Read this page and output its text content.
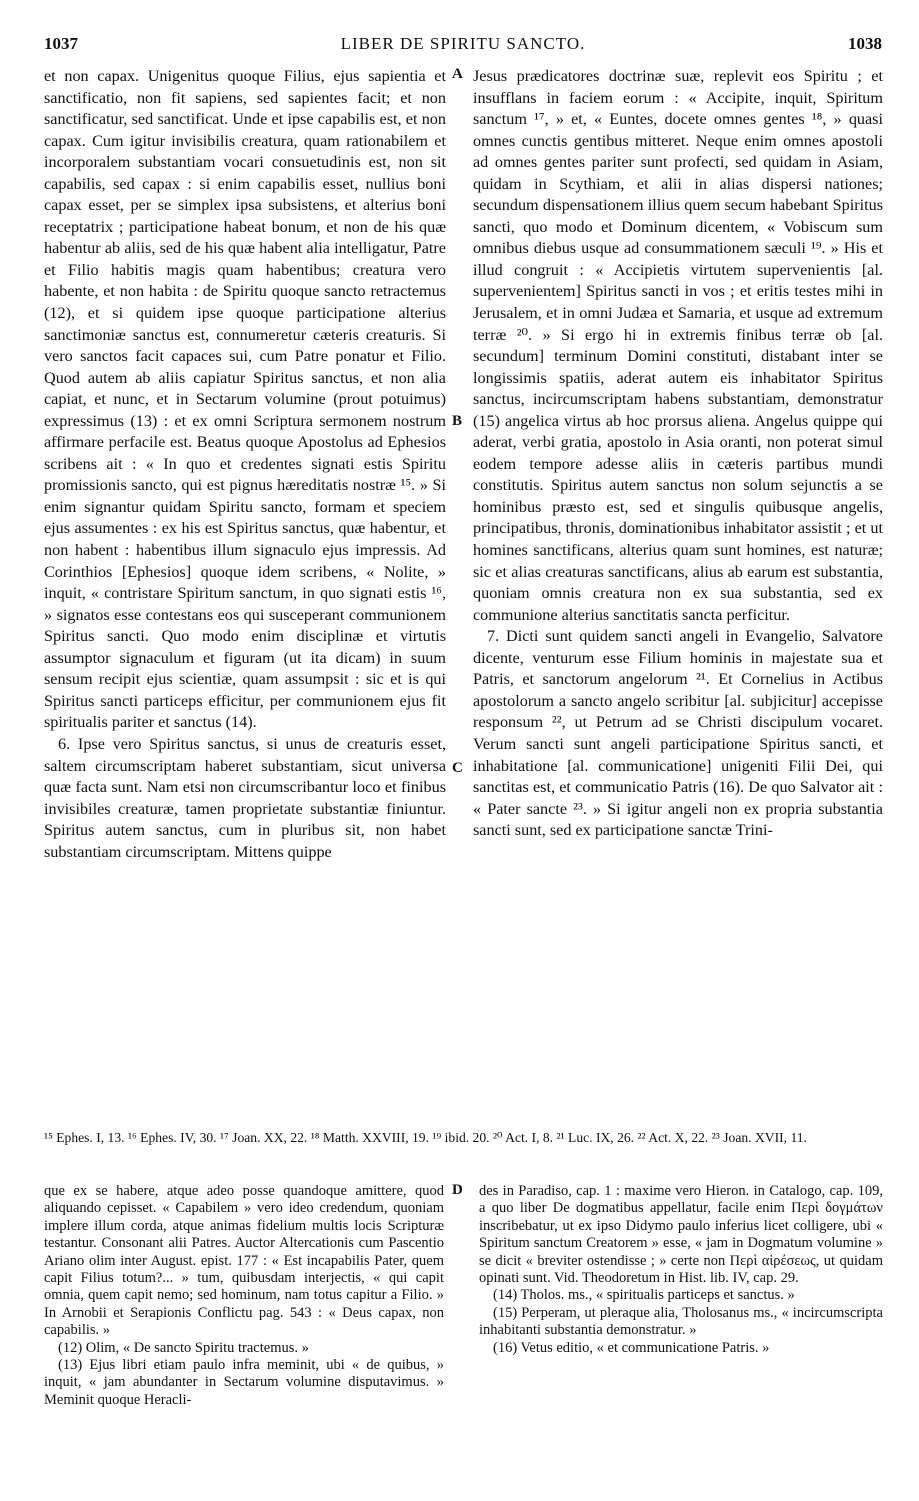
1037	LIBER DE SPIRITU SANCTO.	1038

et non capax. Unigenitus quoque Filius, ejus sapientia et sanctificatio, non fit sapiens, sed sapientes facit; et non sanctificatur, sed sanctificat. Unde et ipse capabilis est, et non capax. Cum igitur invisibilis creatura, quam rationabilem et incorporalem substantiam vocari consuetudinis est, non sit capabilis, sed capax : si enim capabilis esset, nullius boni capax esset, per se simplex ipsa subsistens, et alterius boni receptatrix ; participatione habeat bonum, et non de his quæ habentur ab aliis, sed de his quæ habent alia intelligatur, Patre et Filio habitis magis quam habentibus; creatura vero habente, et non habita : de Spiritu quoque sancto retractemus (12), et si quidem ipse quoque participatione alterius sanctimoniæ sanctus est, connumeretur cæteris creaturis. Si vero sanctos facit capaces sui, cum Patre ponatur et Filio. Quod autem ab aliis capiatur Spiritus sanctus, et non alia capiat, et nunc, et in Sectarum volumine (prout potuimus) expressimus (13) : et ex omni Scriptura sermonem nostrum affirmare perfacile est. Beatus quoque Apostolus ad Ephesios scribens ait : « In quo et credentes signati estis Spiritu promissionis sancto, qui est pignus hæreditatis nostræ ¹⁵. » Si enim signantur quidam Spiritu sancto, formam et speciem ejus assumentes : ex his est Spiritus sanctus, quæ habentur, et non habent : habentibus illum signaculo ejus impressis. Ad Corinthios [Ephesios] quoque idem scribens, « Nolite, » inquit, « contristare Spiritum sanctum, in quo signati estis ¹⁶, » signatos esse contestans eos qui susceperant communionem Spiritus sancti. Quo modo enim disciplinæ et virtutis assumptor signaculum et figuram (ut ita dicam) in suum sensum recipit ejus scientiæ, quam assumpsit : sic et is qui Spiritus sancti particeps efficitur, per communionem ejus fit spiritualis pariter et sanctus (14).

6. Ipse vero Spiritus sanctus, si unus de creaturis esset, saltem circumscriptam haberet substantiam, sicut universa quæ facta sunt. Nam etsi non circumscribantur loco et finibus invisibiles creaturæ, tamen proprietate substantiæ finiuntur. Spiritus autem sanctus, cum in pluribus sit, non habet substantiam circumscriptam. Mittens quippe

A
B
C
D

Jesus prædicatores doctrinæ suæ, replevit eos Spiritu ; et insufflans in faciem eorum : « Accipite, inquit, Spiritum sanctum ¹⁷, » et, « Euntes, docete omnes gentes ¹⁸, » quasi omnes cunctis gentibus mitteret. Neque enim omnes apostoli ad omnes gentes pariter sunt profecti, sed quidam in Asiam, quidam in Scythiam, et alii in alias dispersi nationes; secundum dispensationem illius quem secum habebant Spiritus sancti, quo modo et Dominum dicentem, « Vobiscum sum omnibus diebus usque ad consummationem sæculi ¹⁹. » His et illud congruit : « Accipietis virtutem supervenientis [al. supervenientem] Spiritus sancti in vos ; et eritis testes mihi in Jerusalem, et in omni Judæa et Samaria, et usque ad extremum terræ ²⁰. » Si ergo hi in extremis finibus terræ ob [al. secundum] terminum Domini constituti, distabant inter se longissimis spatiis, aderat autem eis inhabitator Spiritus sanctus, incircumscriptam habens substantiam, demonstratur (15) angelica virtus ab hoc prorsus aliena. Angelus quippe qui aderat, verbi gratia, apostolo in Asia oranti, non poterat simul eodem tempore adesse aliis in cæteris partibus mundi constitutis. Spiritus autem sanctus non solum sejunctis a se hominibus præsto est, sed et singulis quibusque angelis, principatibus, thronis, dominationibus inhabitator assistit ; et ut homines sanctificans, alterius quam sunt homines, est naturæ; sic et alias creaturas sanctificans, alius ab earum est substantia, quoniam omnis creatura non ex sua substantia, sed ex communione alterius sanctitatis sancta perficitur.

7. Dicti sunt quidem sancti angeli in Evangelio, Salvatore dicente, venturum esse Filium hominis in majestate sua et Patris, et sanctorum angelorum ²¹. Et Cornelius in Actibus apostolorum a sancto angelo scribitur [al. subjicitur] accepisse responsum ²², ut Petrum ad se Christi discipulum vocaret. Verum sancti sunt angeli participatione Spiritus sancti, et inhabitatione [al. communicatione] unigeniti Filii Dei, qui sanctitas est, et communicatio Patris (16). De quo Salvator ait : « Pater sancte ²³. » Si igitur angeli non ex propria substantia sancti sunt, sed ex participatione sanctæ Trini-

¹⁵ Ephes. I, 13. ¹⁶ Ephes. IV, 30. ¹⁷ Joan. XX, 22. ¹⁸ Matth. XXVIII, 19. ¹⁹ ibid. 20. ²⁰ Act. I, 8. ²¹ Luc. IX, 26. ²² Act. X, 22. ²³ Joan. XVII, 11.

que ex se habere, atque adeo posse quandoque amittere, quod aliquando cepisset. « Capabilem » vero ideo credendum, quoniam implere illum corda, atque animas fidelium multis locis Scripturæ testantur. Consonant alii Patres. Auctor Altercationis cum Pascentio Ariano olim inter August. epist. 177 : « Est incapabilis Pater, quem capit Filius totum?... » tum, quibusdam interjectis, « qui capit omnia, quem capit nemo; sed hominum, nam totus capitur a Filio. » In Arnobii et Serapionis Conflictu pag. 543 : « Deus capax, non capabilis. »

(12) Olim, « De sancto Spiritu tractemus. »

(13) Ejus libri etiam paulo infra meminit, ubi « de quibus, » inquit, « jam abundanter in Sectarum volumine disputavimus. » Meminit quoque Heracli-

des in Paradiso, cap. 1 : maxime vero Hieron. in Catalogo, cap. 109, a quo liber De dogmatibus appellatur, facile enim Περὶ δογμάτων inscribebatur, ut ex ipso Didymo paulo inferius licet colligere, ubi « Spiritum sanctum Creatorem » esse, « jam in Dogmatum volumine » se dicit « breviter ostendisse ; » certe non Περὶ αἱρέσεως, ut quidam opinati sunt. Vid. Theodoretum in Hist. lib. IV, cap. 29.

(14) Tholos. ms., « spiritualis particeps et sanctus. »

(15) Perperam, ut pleraque alia, Tholosanus ms., « incircumscripta inhabitanti substantia demonstratur. »

(16) Vetus editio, « et communicatione Patris. »
